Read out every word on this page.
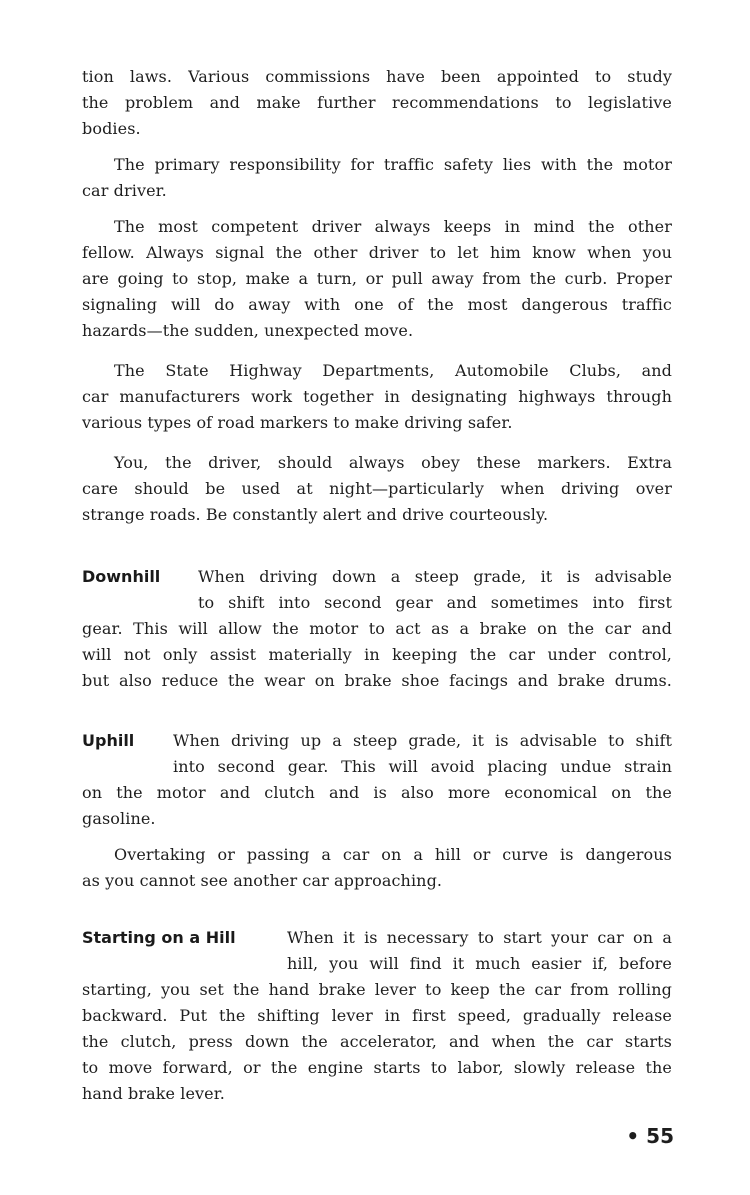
tion laws. Various commissions have been appointed to study
the problem and make further recommendations to legislative
bodies.
The primary responsibility for traffic safety lies with the motor
car driver.
The most competent driver always keeps in mind the other
fellow. Always signal the other driver to let him know when you
are going to stop, make a turn, or pull away from the curb. Proper
signaling will do away with one of the most dangerous traffic
hazards—the sudden, unexpected move.
The State Highway Departments, Automobile Clubs, and
car manufacturers work together in designating highways through
various types of road markers to make driving safer.
You, the driver, should always obey these markers. Extra
care should be used at night—particularly when driving over
strange roads. Be constantly alert and drive courteously.
Downhill	When driving down a steep grade, it is advisable
to shift into second gear and sometimes into first
gear. This will allow the motor to act as a brake on the car and
will not only assist materially in keeping the car under control,
but also reduce the wear on brake shoe facings and brake drums.
Uphill	When driving up a steep grade, it is advisable to shift
into second gear. This will avoid placing undue strain
on the motor and clutch and is also more economical on the
gasoline.
Overtaking or passing a car on a hill or curve is dangerous
as you cannot see another car approaching.
Starting on a Hill	When it is necessary to start your car on a
hill, you will find it much easier if, before
starting, you set the hand brake lever to keep the car from rolling
backward. Put the shifting lever in first speed, gradually release
the clutch, press down the accelerator, and when the car starts
to move forward, or the engine starts to labor, slowly release the
hand brake lever.
• 55
